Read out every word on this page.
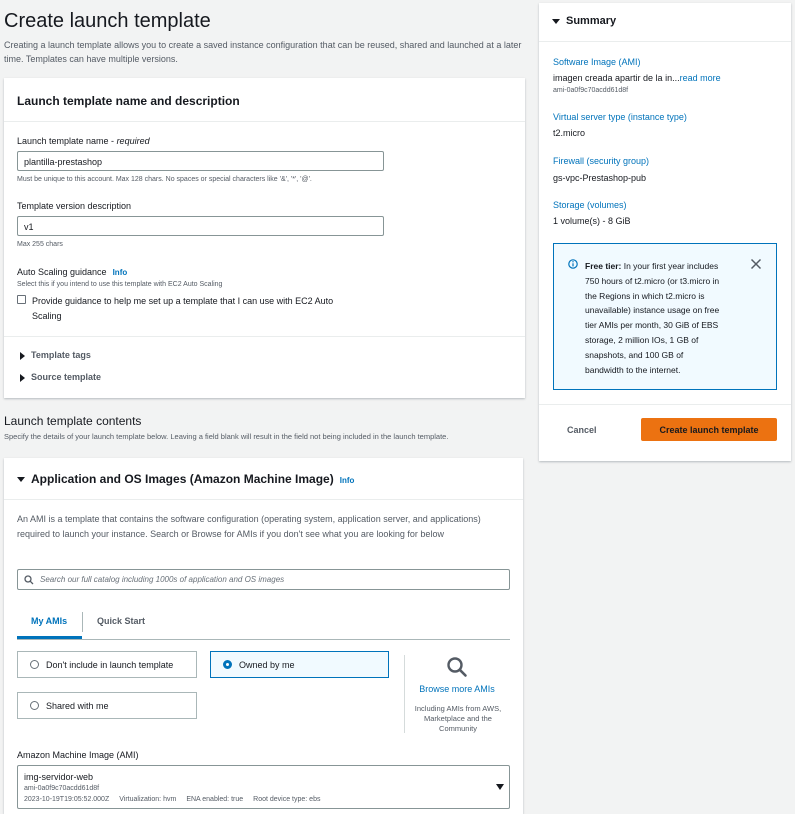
Create launch template
Creating a launch template allows you to create a saved instance configuration that can be reused, shared and launched at a later time. Templates can have multiple versions.
Launch template name and description
Launch template name - required
plantilla-prestashop
Must be unique to this account. Max 128 chars. No spaces or special characters like '&', '*', '@'.
Template version description
v1
Max 255 chars
Auto Scaling guidance Info
Select this if you intend to use this template with EC2 Auto Scaling
Provide guidance to help me set up a template that I can use with EC2 Auto
Scaling
Template tags
Source template
Launch template contents
Specify the details of your launch template below. Leaving a field blank will result in the field not being included in the launch template.
Application and OS Images (Amazon Machine Image) Info
An AMI is a template that contains the software configuration (operating system, application server, and applications) required to launch your instance. Search or Browse for AMIs if you don't see what you are looking for below
Search our full catalog including 1000s of application and OS images
My AMIs	Quick Start
Don't include in launch template	Owned by me
Shared with me
Browse more AMIs
Including AMIs from AWS, Marketplace and the Community
Amazon Machine Image (AMI)
img-servidor-web
ami-0a0f9c70acdd61d8f
2023-10-19T19:05:52.000Z Virtualization: hvm ENA enabled: true Root device type: ebs
Summary
Software Image (AMI)
imagen creada apartir de la in...read more
ami-0a0f9c70acdd61d8f
Virtual server type (instance type)
t2.micro
Firewall (security group)
gs-vpc-Prestashop-pub
Storage (volumes)
1 volume(s) - 8 GiB
Free tier: In your first year includes
750 hours of t2.micro (or t3.micro in
the Regions in which t2.micro is
unavailable) instance usage on free
tier AMIs per month, 30 GiB of EBS
storage, 2 million IOs, 1 GB of
snapshots, and 100 GB of
bandwidth to the internet.
Cancel	Create launch template
